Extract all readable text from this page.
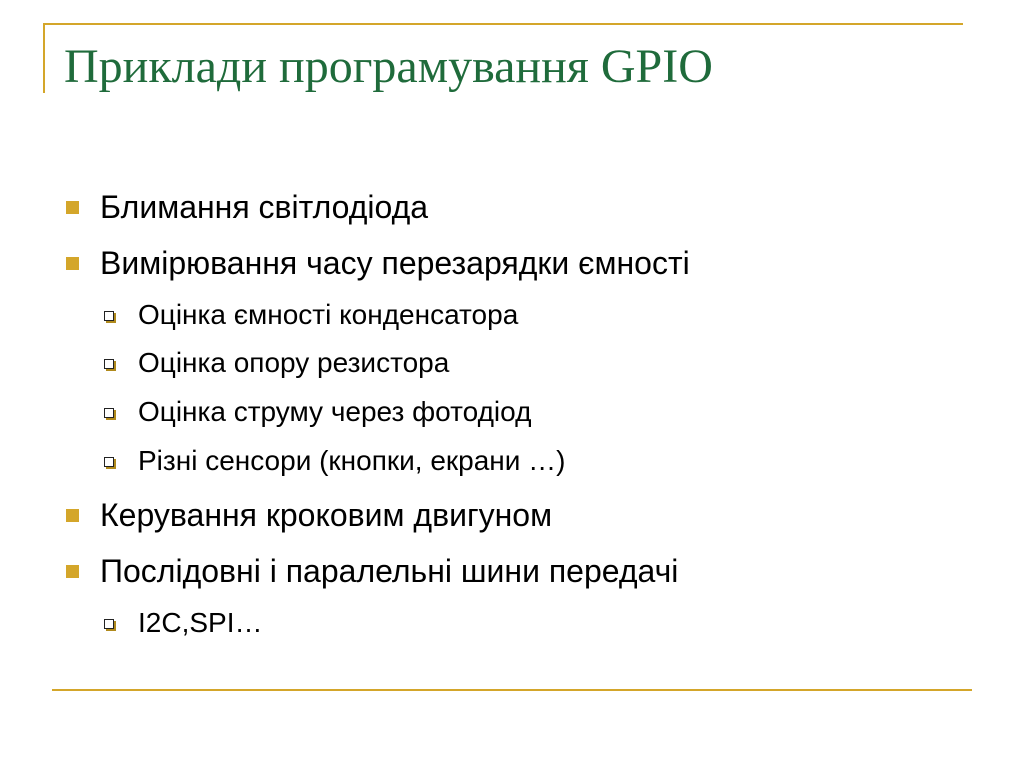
Приклади програмування GPIO
Блимання світлодіода
Вимірювання часу перезарядки ємності
Оцінка ємності конденсатора
Оцінка опору резистора
Оцінка струму через фотодіод
Різні сенсори (кнопки, екрани …)
Керування кроковим двигуном
Послідовні і паралельні шини передачі
I2C,SPI…
